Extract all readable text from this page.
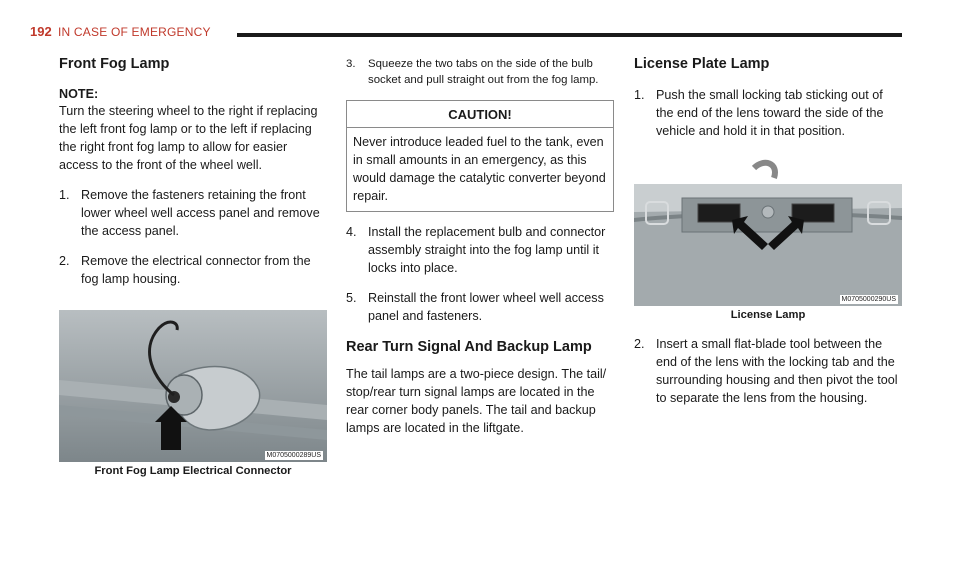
192 IN CASE OF EMERGENCY
Front Fog Lamp

NOTE:
Turn the steering wheel to the right if replacing the left front fog lamp or to the left if replacing the right front fog lamp to allow for easier access to the front of the wheel well.

1. Remove the fasteners retaining the front lower wheel well access panel and remove the access panel.
2. Remove the electrical connector from the fog lamp housing.
M0705000289US
Front Fog Lamp Electrical Connector
3. Squeeze the two tabs on the side of the bulb socket and pull straight out from the fog lamp.
CAUTION!
Never introduce leaded fuel to the tank, even in small amounts in an emergency, as this would damage the catalytic converter beyond repair.
4. Install the replacement bulb and connector assembly straight into the fog lamp until it locks into place.
5. Reinstall the front lower wheel well access panel and fasteners.
Rear Turn Signal And Backup Lamp

The tail lamps are a two-piece design. The tail/ stop/rear turn signal lamps are located in the rear corner body panels. The tail and backup lamps are located in the liftgate.

License Plate Lamp
1. Push the small locking tab sticking out of the end of the lens toward the side of the vehicle and hold it in that position.
M0705000290US
License Lamp
2. Insert a small flat-blade tool between the end of the lens with the locking tab and the surrounding housing and then pivot the tool to separate the lens from the housing.
